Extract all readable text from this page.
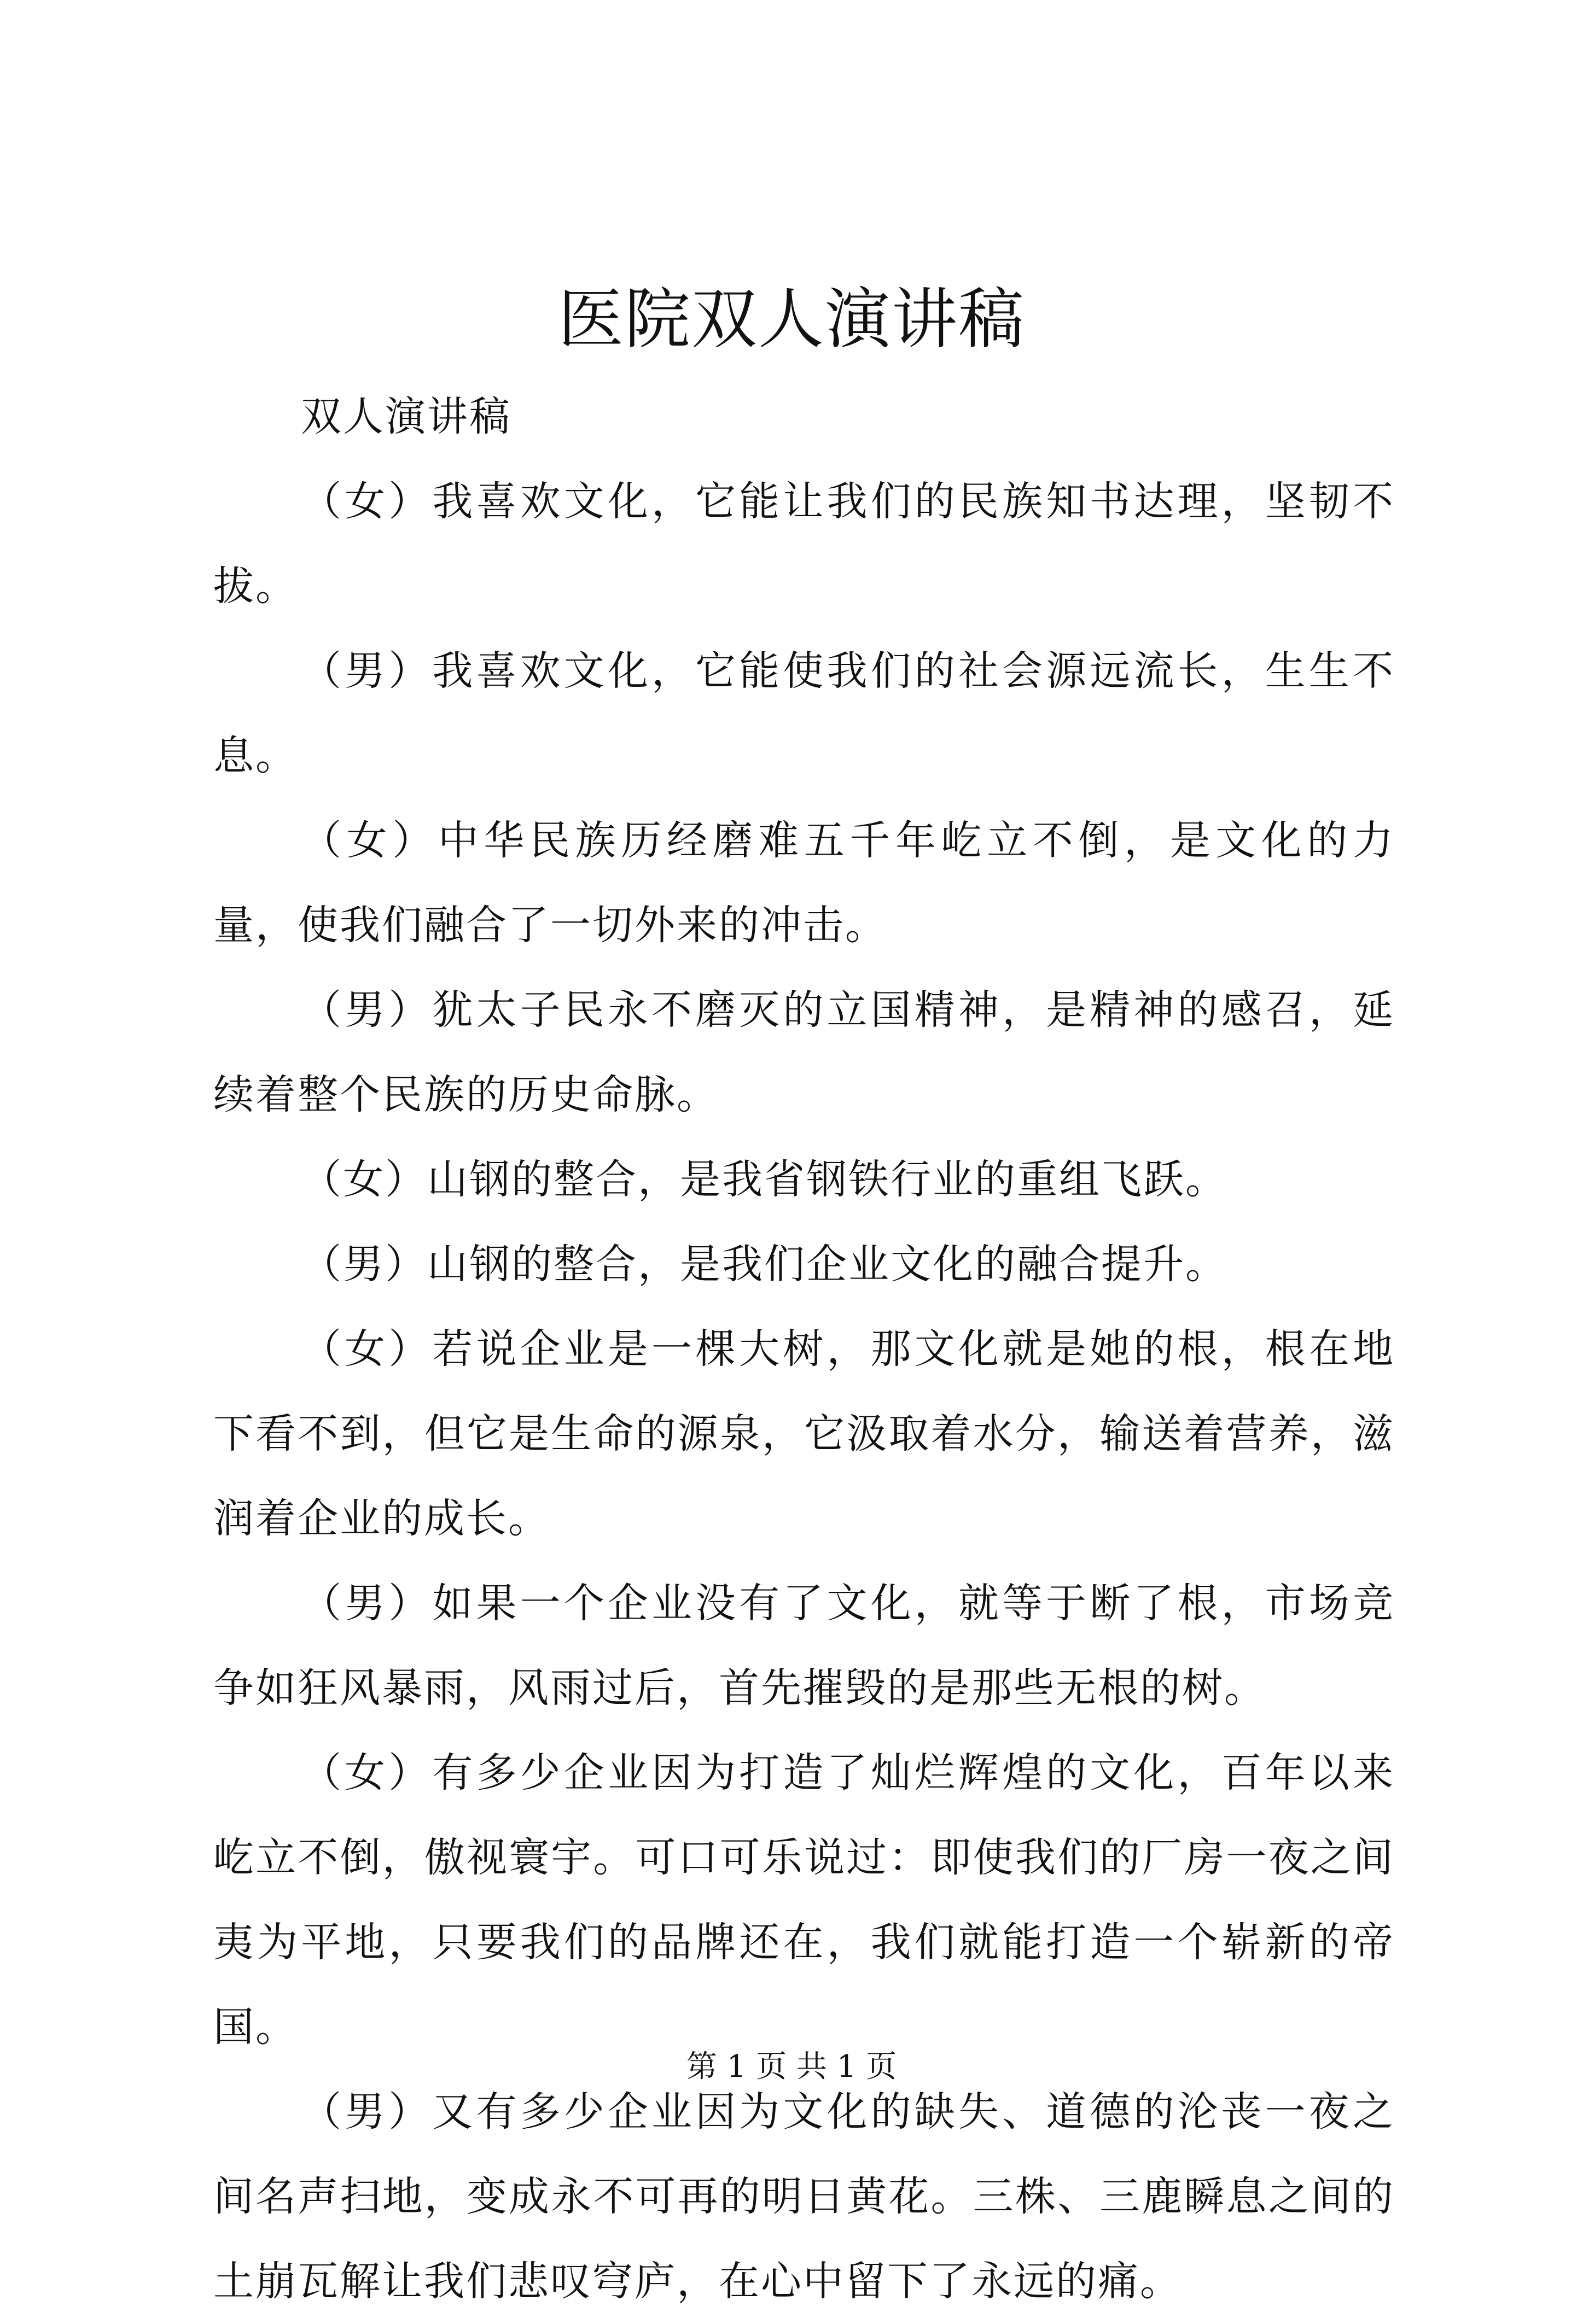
医院双人演讲稿

双人演讲稿

（女）我喜欢文化，它能让我们的民族知书达理，坚韧不拔。

（男）我喜欢文化，它能使我们的社会源远流长，生生不息。

（女）中华民族历经磨难五千年屹立不倒，是文化的力量，使我们融合了一切外来的冲击。

（男）犹太子民永不磨灭的立国精神，是精神的感召，延续着整个民族的历史命脉。

（女）山钢的整合，是我省钢铁行业的重组飞跃。

（男）山钢的整合，是我们企业文化的融合提升。

（女）若说企业是一棵大树，那文化就是她的根，根在地下看不到，但它是生命的源泉，它汲取着水分，输送着营养，滋润着企业的成长。

（男）如果一个企业没有了文化，就等于断了根，市场竞争如狂风暴雨，风雨过后，首先摧毁的是那些无根的树。

（女）有多少企业因为打造了灿烂辉煌的文化，百年以来屹立不倒，傲视寰宇。可口可乐说过：即使我们的厂房一夜之间夷为平地，只要我们的品牌还在，我们就能打造一个崭新的帝国。

（男）又有多少企业因为文化的缺失、道德的沦丧一夜之间名声扫地，变成永不可再的明日黄花。三株、三鹿瞬息之间的土崩瓦解让我们悲叹穹庐，在心中留下了永远的痛。

第 1 页 共 1 页
